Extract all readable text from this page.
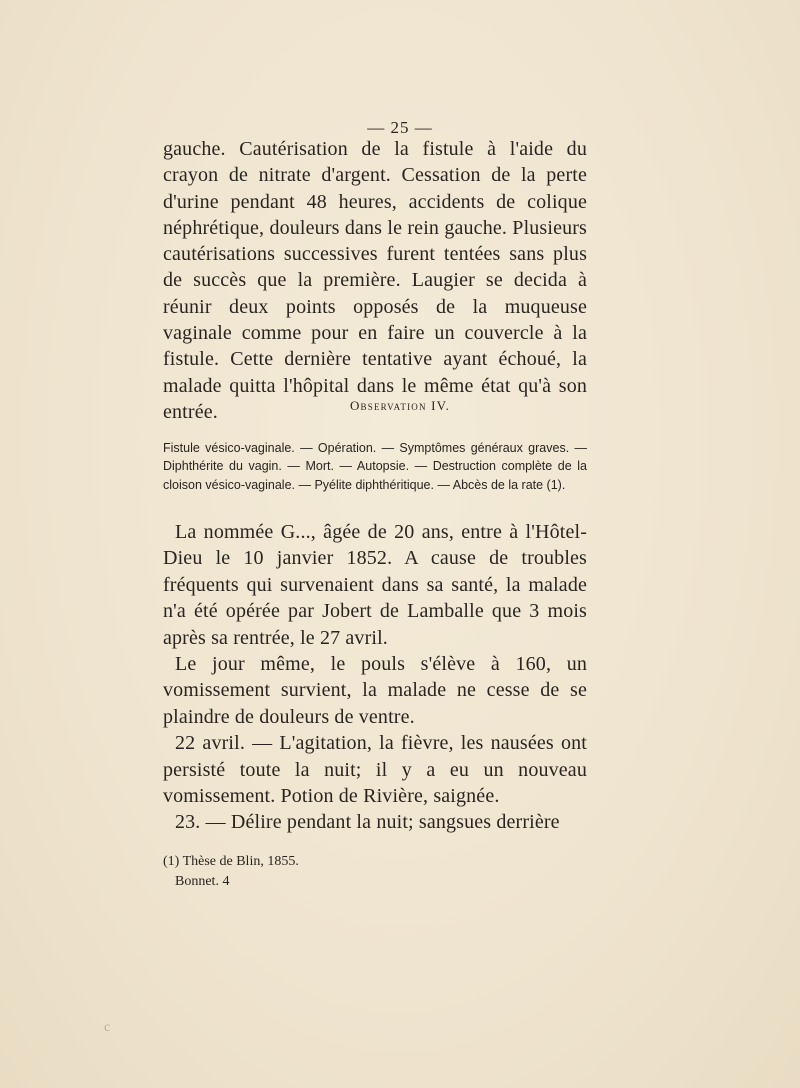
— 25 —

gauche. Cautérisation de la fistule à l'aide du crayon de nitrate d'argent. Cessation de la perte d'urine pendant 48 heures, accidents de colique néphrétique, douleurs dans le rein gauche. Plusieurs cautérisations successives furent tentées sans plus de succès que la première. Laugier se decida à réunir deux points opposés de la muqueuse vaginale comme pour en faire un couvercle à la fistule. Cette dernière tentative ayant échoué, la malade quitta l'hôpital dans le même état qu'à son entrée.	Observation IV.
Fistule vésico-vaginale. — Opération. — Symptômes généraux graves. — Diphthérite du vagin. — Mort. — Autopsie. — Destruction complète de la cloison vésico-vaginale. — Pyélite diphthéritique. — Abcès de la rate (1).

La nommée G..., âgée de 20 ans, entre à l'Hôtel-Dieu le 10 janvier 1852. A cause de troubles fréquents qui survenaient dans sa santé, la malade n'a été opérée par Jobert de Lamballe que 3 mois après sa rentrée, le 27 avril.

Le jour même, le pouls s'élève à 160, un vomissement survient, la malade ne cesse de se plaindre de douleurs de ventre.

22 avril. — L'agitation, la fièvre, les nausées ont persisté toute la nuit; il y a eu un nouveau vomissement. Potion de Rivière, saignée.

23. — Délire pendant la nuit; sangsues derrière

(1) Thèse de Blin, 1855.
Bonnet. 4
c
